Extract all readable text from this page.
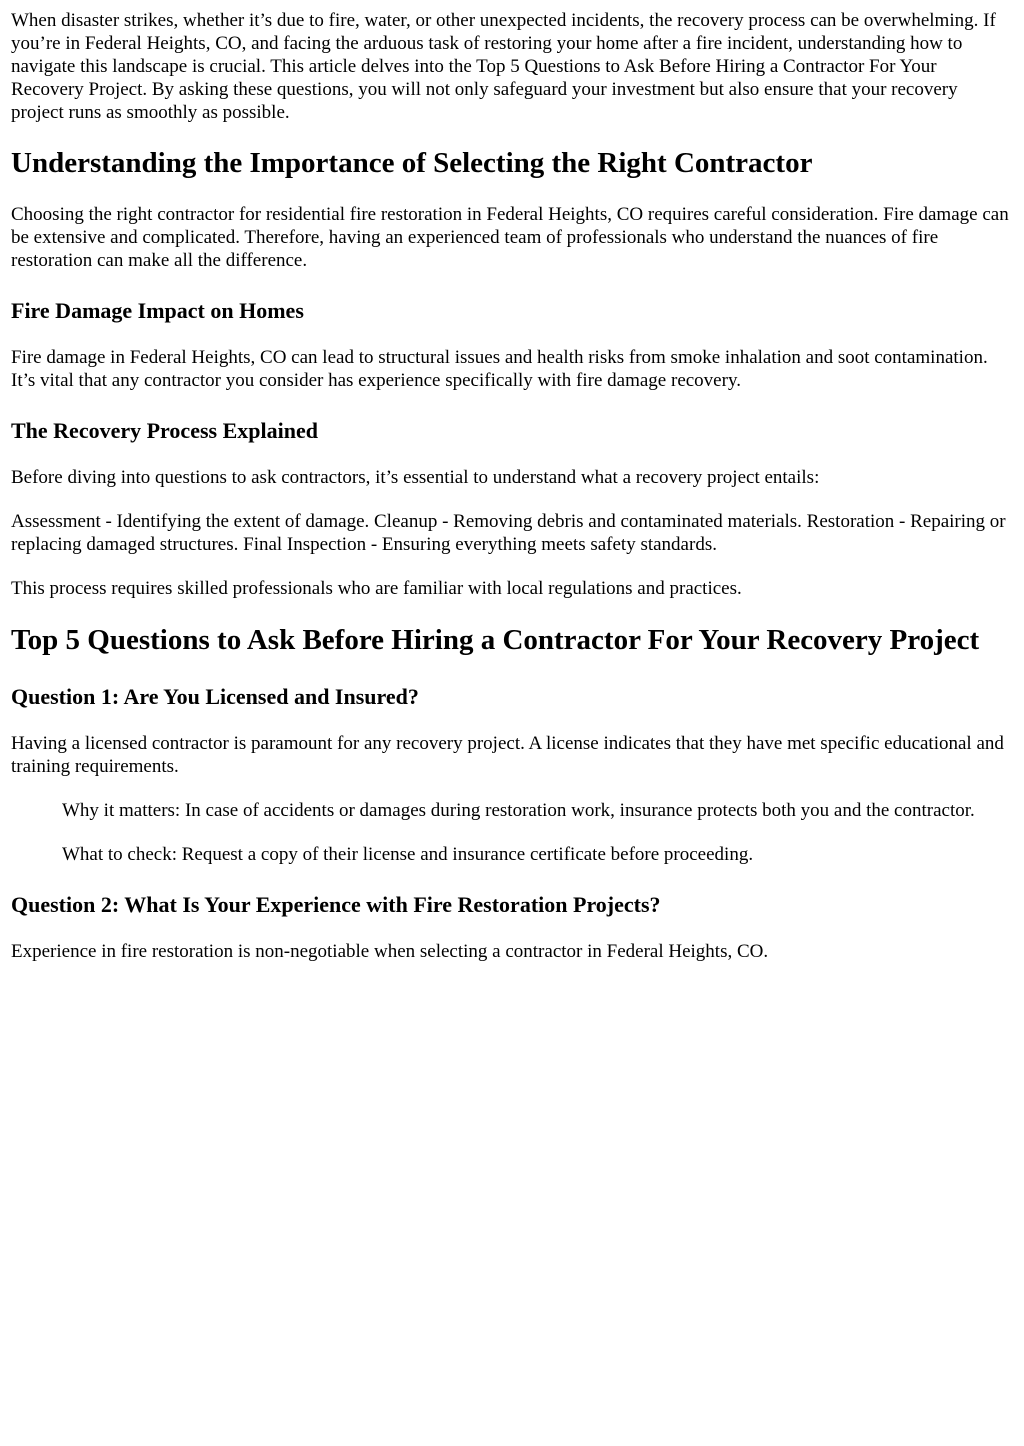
When disaster strikes, whether it’s due to fire, water, or other unexpected incidents, the recovery process can be overwhelming. If you’re in Federal Heights, CO, and facing the arduous task of restoring your home after a fire incident, understanding how to navigate this landscape is crucial. This article delves into the Top 5 Questions to Ask Before Hiring a Contractor For Your Recovery Project. By asking these questions, you will not only safeguard your investment but also ensure that your recovery project runs as smoothly as possible.

Understanding the Importance of Selecting the Right Contractor

Choosing the right contractor for residential fire restoration in Federal Heights, CO requires careful consideration. Fire damage can be extensive and complicated. Therefore, having an experienced team of professionals who understand the nuances of fire restoration can make all the difference.

Fire Damage Impact on Homes

Fire damage in Federal Heights, CO can lead to structural issues and health risks from smoke inhalation and soot contamination. It’s vital that any contractor you consider has experience specifically with fire damage recovery.

The Recovery Process Explained

Before diving into questions to ask contractors, it’s essential to understand what a recovery project entails:

Assessment - Identifying the extent of damage. Cleanup - Removing debris and contaminated materials. Restoration - Repairing or replacing damaged structures. Final Inspection - Ensuring everything meets safety standards.

This process requires skilled professionals who are familiar with local regulations and practices.

Top 5 Questions to Ask Before Hiring a Contractor For Your Recovery Project
Question 1: Are You Licensed and Insured?

Having a licensed contractor is paramount for any recovery project. A license indicates that they have met specific educational and training requirements.

Why it matters: In case of accidents or damages during restoration work, insurance protects both you and the contractor.

What to check: Request a copy of their license and insurance certificate before proceeding.

Question 2: What Is Your Experience with Fire Restoration Projects?

Experience in fire restoration is non-negotiable when selecting a contractor in Federal Heights, CO.
